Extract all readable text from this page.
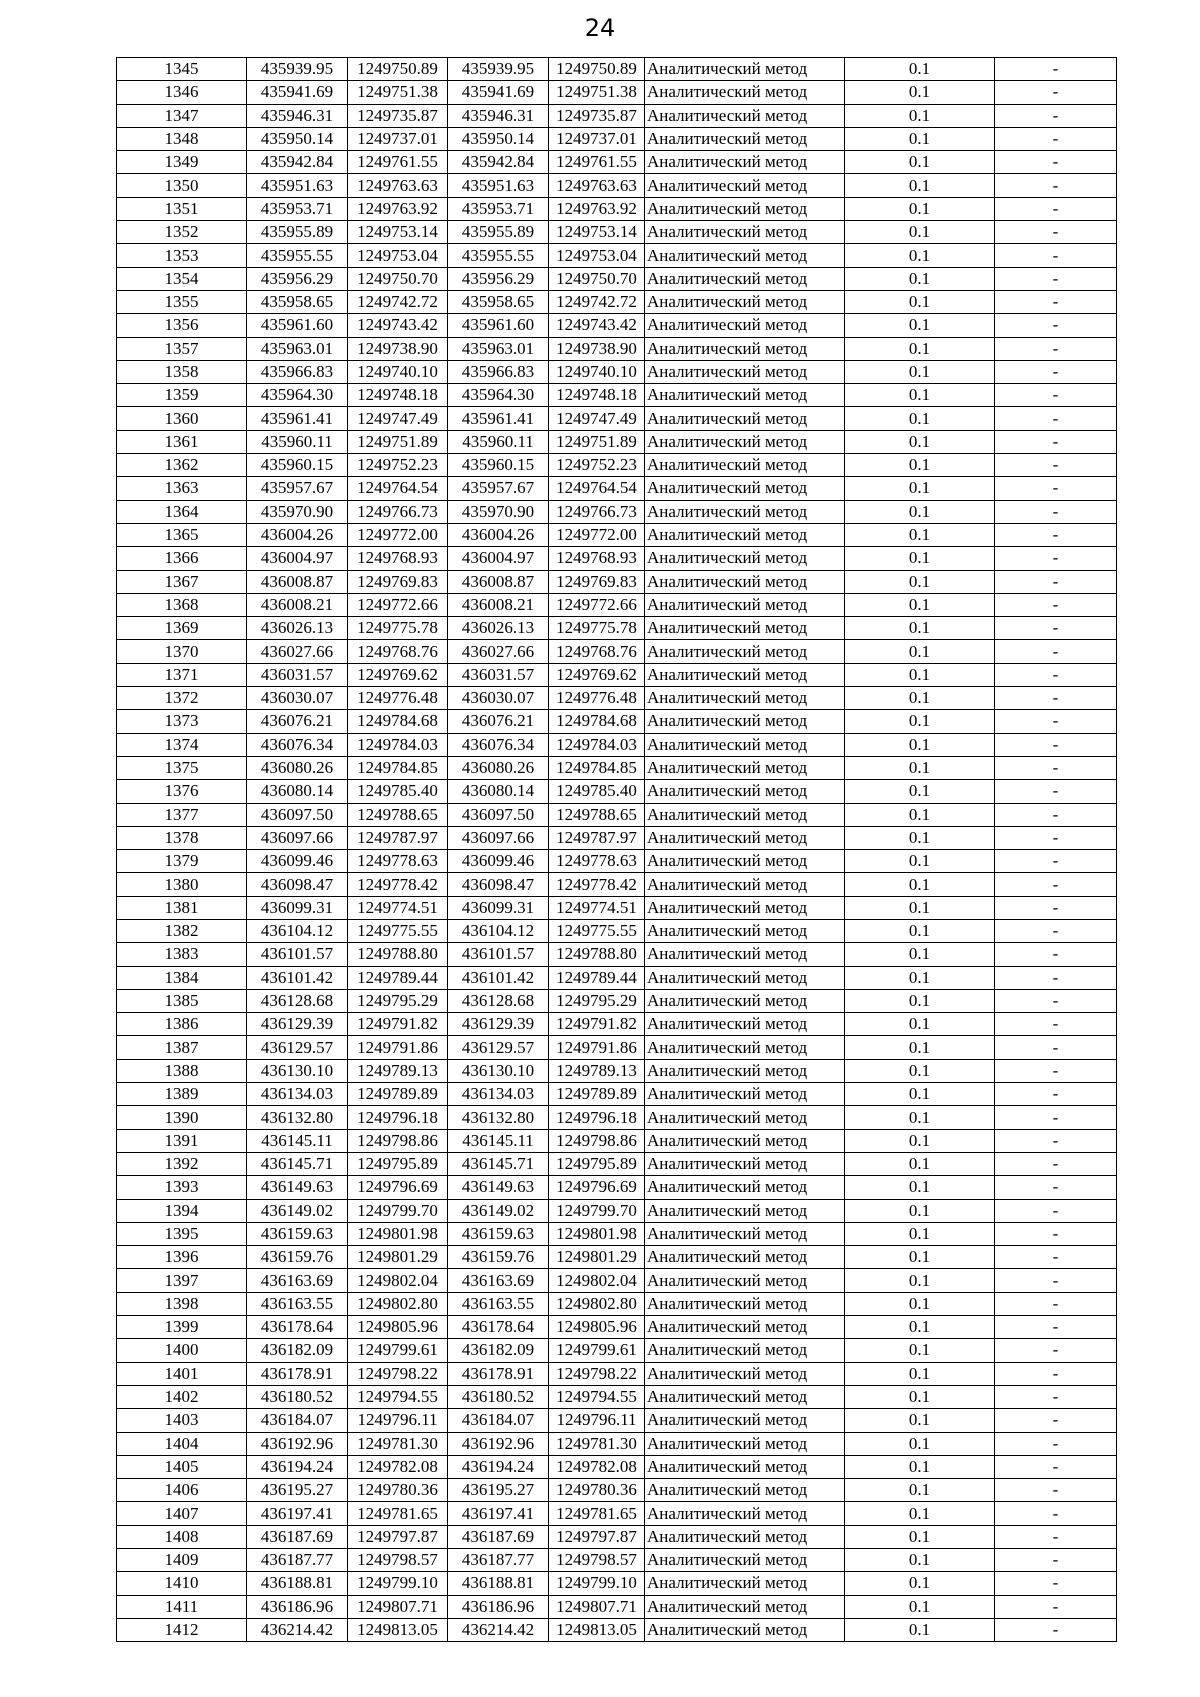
24
1345	435939.95	1249750.89	435939.95	1249750.89	Аналитический метод	0.1	-
1346	435941.69	1249751.38	435941.69	1249751.38	Аналитический метод	0.1	-
1347	435946.31	1249735.87	435946.31	1249735.87	Аналитический метод	0.1	-
1348	435950.14	1249737.01	435950.14	1249737.01	Аналитический метод	0.1	-
1349	435942.84	1249761.55	435942.84	1249761.55	Аналитический метод	0.1	-
1350	435951.63	1249763.63	435951.63	1249763.63	Аналитический метод	0.1	-
1351	435953.71	1249763.92	435953.71	1249763.92	Аналитический метод	0.1	-
1352	435955.89	1249753.14	435955.89	1249753.14	Аналитический метод	0.1	-
1353	435955.55	1249753.04	435955.55	1249753.04	Аналитический метод	0.1	-
1354	435956.29	1249750.70	435956.29	1249750.70	Аналитический метод	0.1	-
1355	435958.65	1249742.72	435958.65	1249742.72	Аналитический метод	0.1	-
1356	435961.60	1249743.42	435961.60	1249743.42	Аналитический метод	0.1	-
1357	435963.01	1249738.90	435963.01	1249738.90	Аналитический метод	0.1	-
1358	435966.83	1249740.10	435966.83	1249740.10	Аналитический метод	0.1	-
1359	435964.30	1249748.18	435964.30	1249748.18	Аналитический метод	0.1	-
1360	435961.41	1249747.49	435961.41	1249747.49	Аналитический метод	0.1	-
1361	435960.11	1249751.89	435960.11	1249751.89	Аналитический метод	0.1	-
1362	435960.15	1249752.23	435960.15	1249752.23	Аналитический метод	0.1	-
1363	435957.67	1249764.54	435957.67	1249764.54	Аналитический метод	0.1	-
1364	435970.90	1249766.73	435970.90	1249766.73	Аналитический метод	0.1	-
1365	436004.26	1249772.00	436004.26	1249772.00	Аналитический метод	0.1	-
1366	436004.97	1249768.93	436004.97	1249768.93	Аналитический метод	0.1	-
1367	436008.87	1249769.83	436008.87	1249769.83	Аналитический метод	0.1	-
1368	436008.21	1249772.66	436008.21	1249772.66	Аналитический метод	0.1	-
1369	436026.13	1249775.78	436026.13	1249775.78	Аналитический метод	0.1	-
1370	436027.66	1249768.76	436027.66	1249768.76	Аналитический метод	0.1	-
1371	436031.57	1249769.62	436031.57	1249769.62	Аналитический метод	0.1	-
1372	436030.07	1249776.48	436030.07	1249776.48	Аналитический метод	0.1	-
1373	436076.21	1249784.68	436076.21	1249784.68	Аналитический метод	0.1	-
1374	436076.34	1249784.03	436076.34	1249784.03	Аналитический метод	0.1	-
1375	436080.26	1249784.85	436080.26	1249784.85	Аналитический метод	0.1	-
1376	436080.14	1249785.40	436080.14	1249785.40	Аналитический метод	0.1	-
1377	436097.50	1249788.65	436097.50	1249788.65	Аналитический метод	0.1	-
1378	436097.66	1249787.97	436097.66	1249787.97	Аналитический метод	0.1	-
1379	436099.46	1249778.63	436099.46	1249778.63	Аналитический метод	0.1	-
1380	436098.47	1249778.42	436098.47	1249778.42	Аналитический метод	0.1	-
1381	436099.31	1249774.51	436099.31	1249774.51	Аналитический метод	0.1	-
1382	436104.12	1249775.55	436104.12	1249775.55	Аналитический метод	0.1	-
1383	436101.57	1249788.80	436101.57	1249788.80	Аналитический метод	0.1	-
1384	436101.42	1249789.44	436101.42	1249789.44	Аналитический метод	0.1	-
1385	436128.68	1249795.29	436128.68	1249795.29	Аналитический метод	0.1	-
1386	436129.39	1249791.82	436129.39	1249791.82	Аналитический метод	0.1	-
1387	436129.57	1249791.86	436129.57	1249791.86	Аналитический метод	0.1	-
1388	436130.10	1249789.13	436130.10	1249789.13	Аналитический метод	0.1	-
1389	436134.03	1249789.89	436134.03	1249789.89	Аналитический метод	0.1	-
1390	436132.80	1249796.18	436132.80	1249796.18	Аналитический метод	0.1	-
1391	436145.11	1249798.86	436145.11	1249798.86	Аналитический метод	0.1	-
1392	436145.71	1249795.89	436145.71	1249795.89	Аналитический метод	0.1	-
1393	436149.63	1249796.69	436149.63	1249796.69	Аналитический метод	0.1	-
1394	436149.02	1249799.70	436149.02	1249799.70	Аналитический метод	0.1	-
1395	436159.63	1249801.98	436159.63	1249801.98	Аналитический метод	0.1	-
1396	436159.76	1249801.29	436159.76	1249801.29	Аналитический метод	0.1	-
1397	436163.69	1249802.04	436163.69	1249802.04	Аналитический метод	0.1	-
1398	436163.55	1249802.80	436163.55	1249802.80	Аналитический метод	0.1	-
1399	436178.64	1249805.96	436178.64	1249805.96	Аналитический метод	0.1	-
1400	436182.09	1249799.61	436182.09	1249799.61	Аналитический метод	0.1	-
1401	436178.91	1249798.22	436178.91	1249798.22	Аналитический метод	0.1	-
1402	436180.52	1249794.55	436180.52	1249794.55	Аналитический метод	0.1	-
1403	436184.07	1249796.11	436184.07	1249796.11	Аналитический метод	0.1	-
1404	436192.96	1249781.30	436192.96	1249781.30	Аналитический метод	0.1	-
1405	436194.24	1249782.08	436194.24	1249782.08	Аналитический метод	0.1	-
1406	436195.27	1249780.36	436195.27	1249780.36	Аналитический метод	0.1	-
1407	436197.41	1249781.65	436197.41	1249781.65	Аналитический метод	0.1	-
1408	436187.69	1249797.87	436187.69	1249797.87	Аналитический метод	0.1	-
1409	436187.77	1249798.57	436187.77	1249798.57	Аналитический метод	0.1	-
1410	436188.81	1249799.10	436188.81	1249799.10	Аналитический метод	0.1	-
1411	436186.96	1249807.71	436186.96	1249807.71	Аналитический метод	0.1	-
1412	436214.42	1249813.05	436214.42	1249813.05	Аналитический метод	0.1	-
